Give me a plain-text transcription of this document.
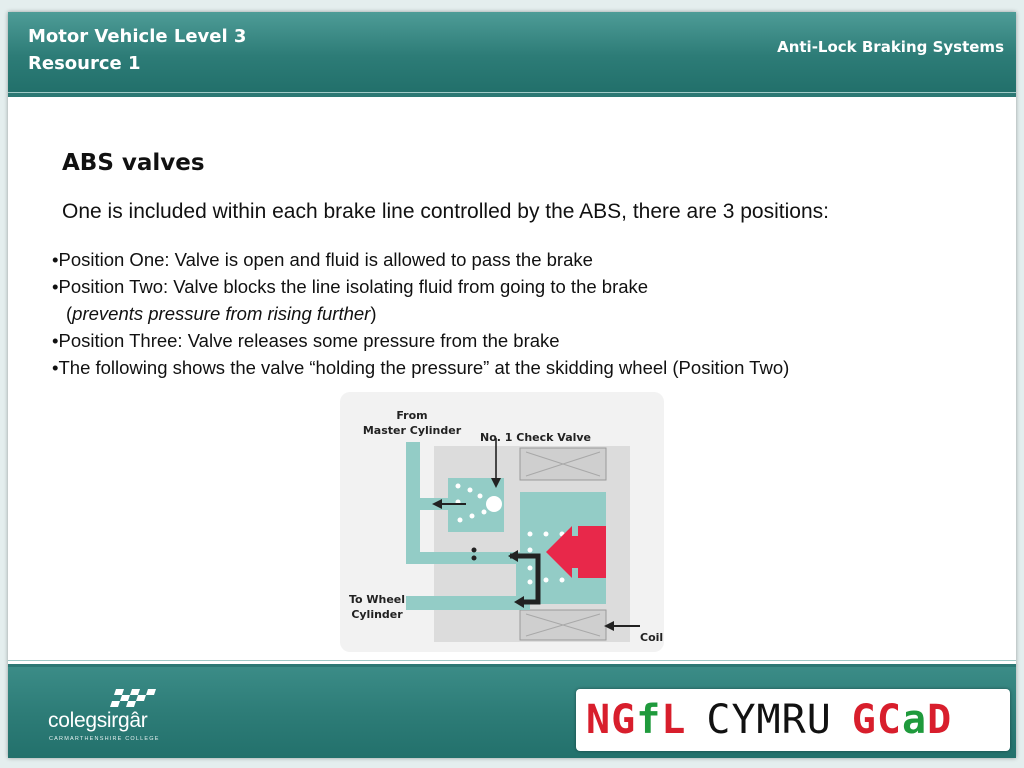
Motor Vehicle Level 3
Resource 1
Anti-Lock Braking Systems
ABS valves
One is included within each brake line controlled by the ABS, there are 3 positions:
•Position One: Valve is open and fluid is allowed to pass the brake
•Position Two: Valve blocks the line isolating fluid from going to the brake
(prevents pressure from rising further)
•Position Three: Valve releases some pressure from the brake
•The following shows the valve “holding the pressure” at the skidding wheel (Position Two)
From
Master Cylinder
No. 1 Check Valve
To Wheel
Cylinder
Coil
colegsirgâr
CARMARTHENSHIRE COLLEGE	NGfL CYMRU GCaD
